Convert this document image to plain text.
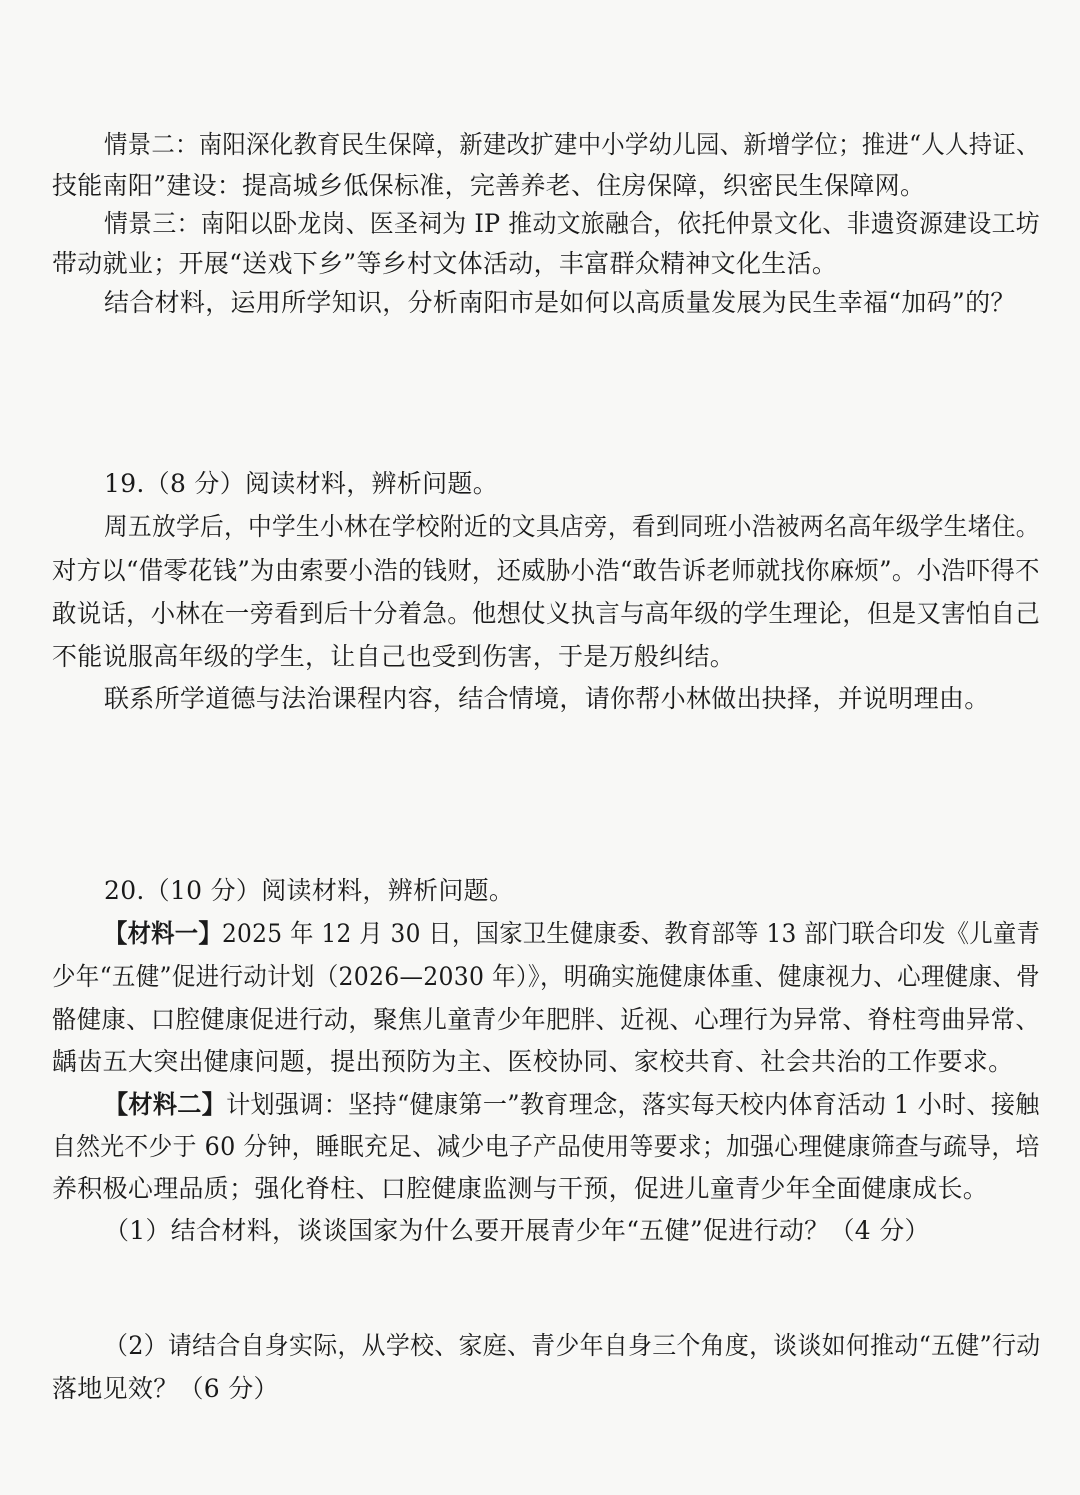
情景二：南阳深化教育民生保障，新建改扩建中小学幼儿园、新增学位；推进“人人持证、
技能南阳”建设：提高城乡低保标准，完善养老、住房保障，织密民生保障网。
情景三：南阳以卧龙岗、医圣祠为 IP 推动文旅融合，依托仲景文化、非遗资源建设工坊
带动就业；开展“送戏下乡”等乡村文体活动，丰富群众精神文化生活。
结合材料，运用所学知识，分析南阳市是如何以高质量发展为民生幸福“加码”的？
19.（8 分）阅读材料，辨析问题。
周五放学后，中学生小林在学校附近的文具店旁，看到同班小浩被两名高年级学生堵住。
对方以“借零花钱”为由索要小浩的钱财，还威胁小浩“敢告诉老师就找你麻烦”。小浩吓得不
敢说话，小林在一旁看到后十分着急。他想仗义执言与高年级的学生理论，但是又害怕自己
不能说服高年级的学生，让自己也受到伤害，于是万般纠结。
联系所学道德与法治课程内容，结合情境，请你帮小林做出抉择，并说明理由。
20.（10 分）阅读材料，辨析问题。
【材料一】2025 年 12 月 30 日，国家卫生健康委、教育部等 13 部门联合印发《儿童青
少年“五健”促进行动计划（2026—2030 年）》，明确实施健康体重、健康视力、心理健康、骨
骼健康、口腔健康促进行动，聚焦儿童青少年肥胖、近视、心理行为异常、脊柱弯曲异常、
龋齿五大突出健康问题，提出预防为主、医校协同、家校共育、社会共治的工作要求。
【材料二】计划强调：坚持“健康第一”教育理念，落实每天校内体育活动 1 小时、接触
自然光不少于 60 分钟，睡眠充足、减少电子产品使用等要求；加强心理健康筛查与疏导，培
养积极心理品质；强化脊柱、口腔健康监测与干预，促进儿童青少年全面健康成长。
（1）结合材料，谈谈国家为什么要开展青少年“五健”促进行动？（4 分）
（2）请结合自身实际，从学校、家庭、青少年自身三个角度，谈谈如何推动“五健”行动
落地见效？（6 分）
